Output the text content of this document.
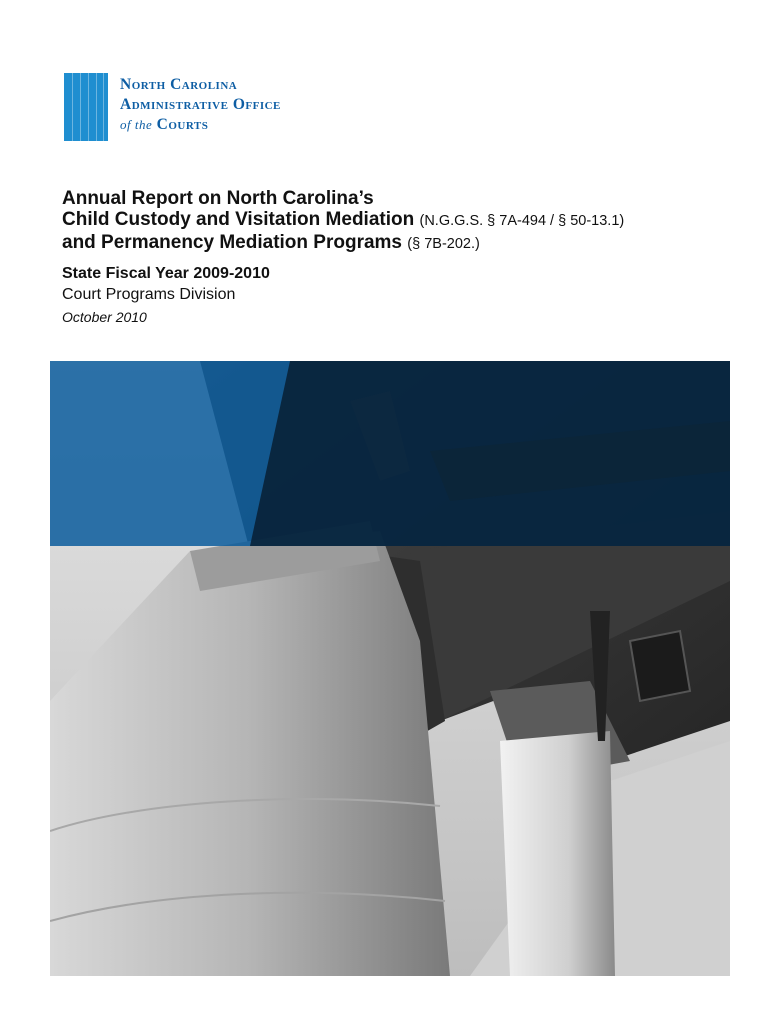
North Carolina
Administrative Office
of the Courts
Annual Report on North Carolina’s
Child Custody and Visitation Mediation (N.G.G.S. § 7A-494 / § 50-13.1)
and Permanency Mediation Programs (§ 7B-202.)
State Fiscal Year 2009-2010
Court Programs Division
October 2010
